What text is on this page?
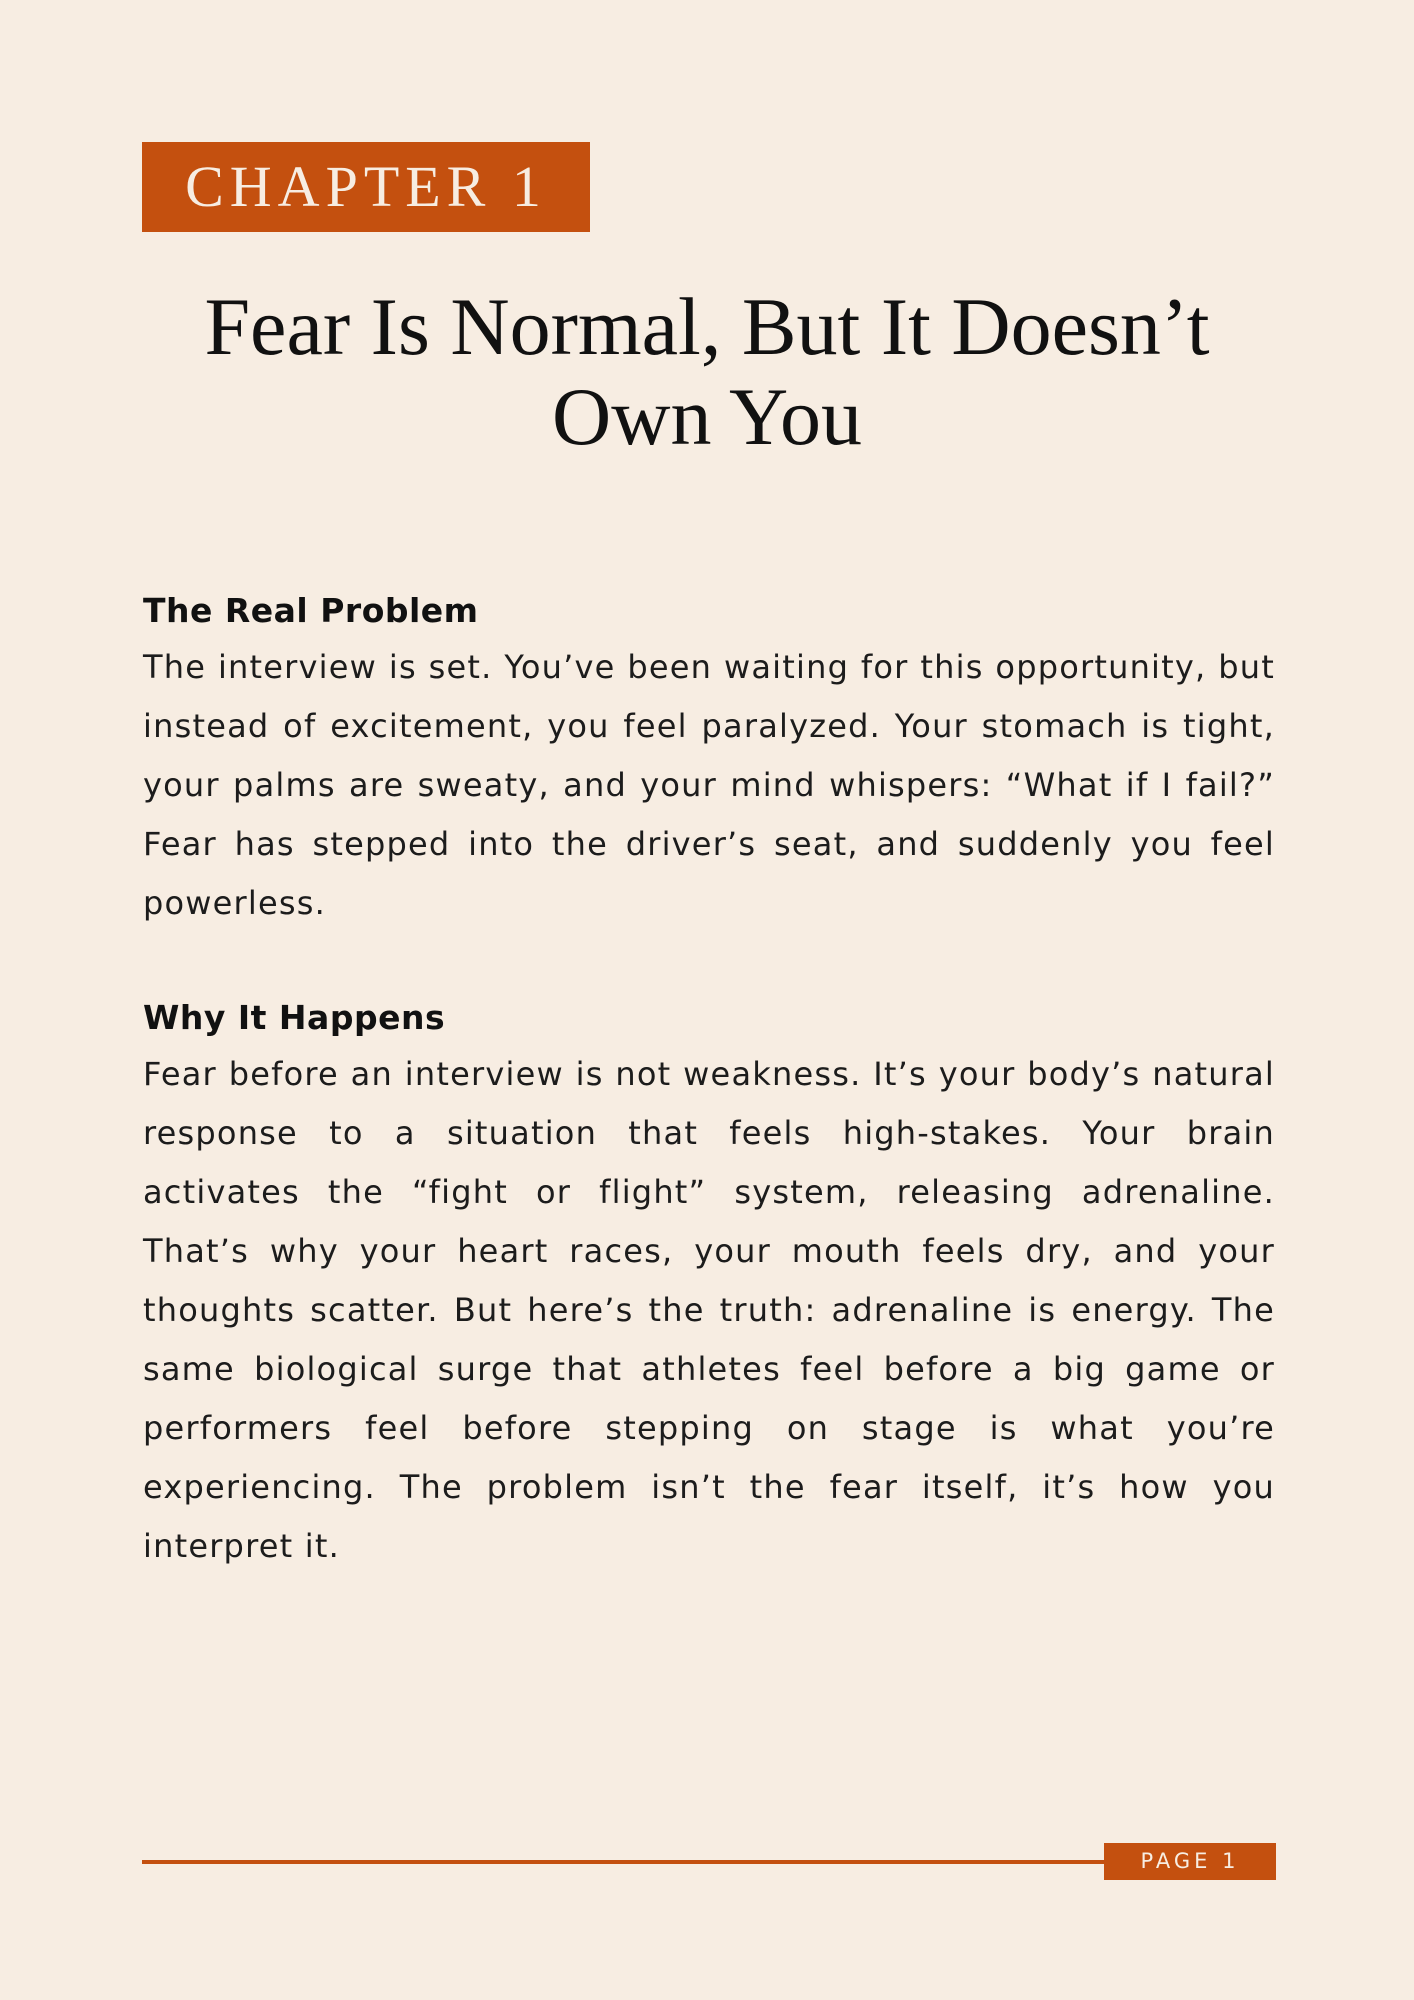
CHAPTER 1
Fear Is Normal, But It Doesn’t Own You
The Real Problem

The interview is set. You’ve been waiting for this opportunity, but instead of excitement, you feel paralyzed. Your stomach is tight, your palms are sweaty, and your mind whispers: “What if I fail?” Fear has stepped into the driver’s seat, and suddenly you feel powerless.

Why It Happens

Fear before an interview is not weakness. It’s your body’s natural response to a situation that feels high-stakes. Your brain activates the “fight or flight” system, releasing adrenaline. That’s why your heart races, your mouth feels dry, and your thoughts scatter. But here’s the truth: adrenaline is energy. The same biological surge that athletes feel before a big game or performers feel before stepping on stage is what you’re experiencing. The problem isn’t the fear itself, it’s how you interpret it.

PAGE 1
